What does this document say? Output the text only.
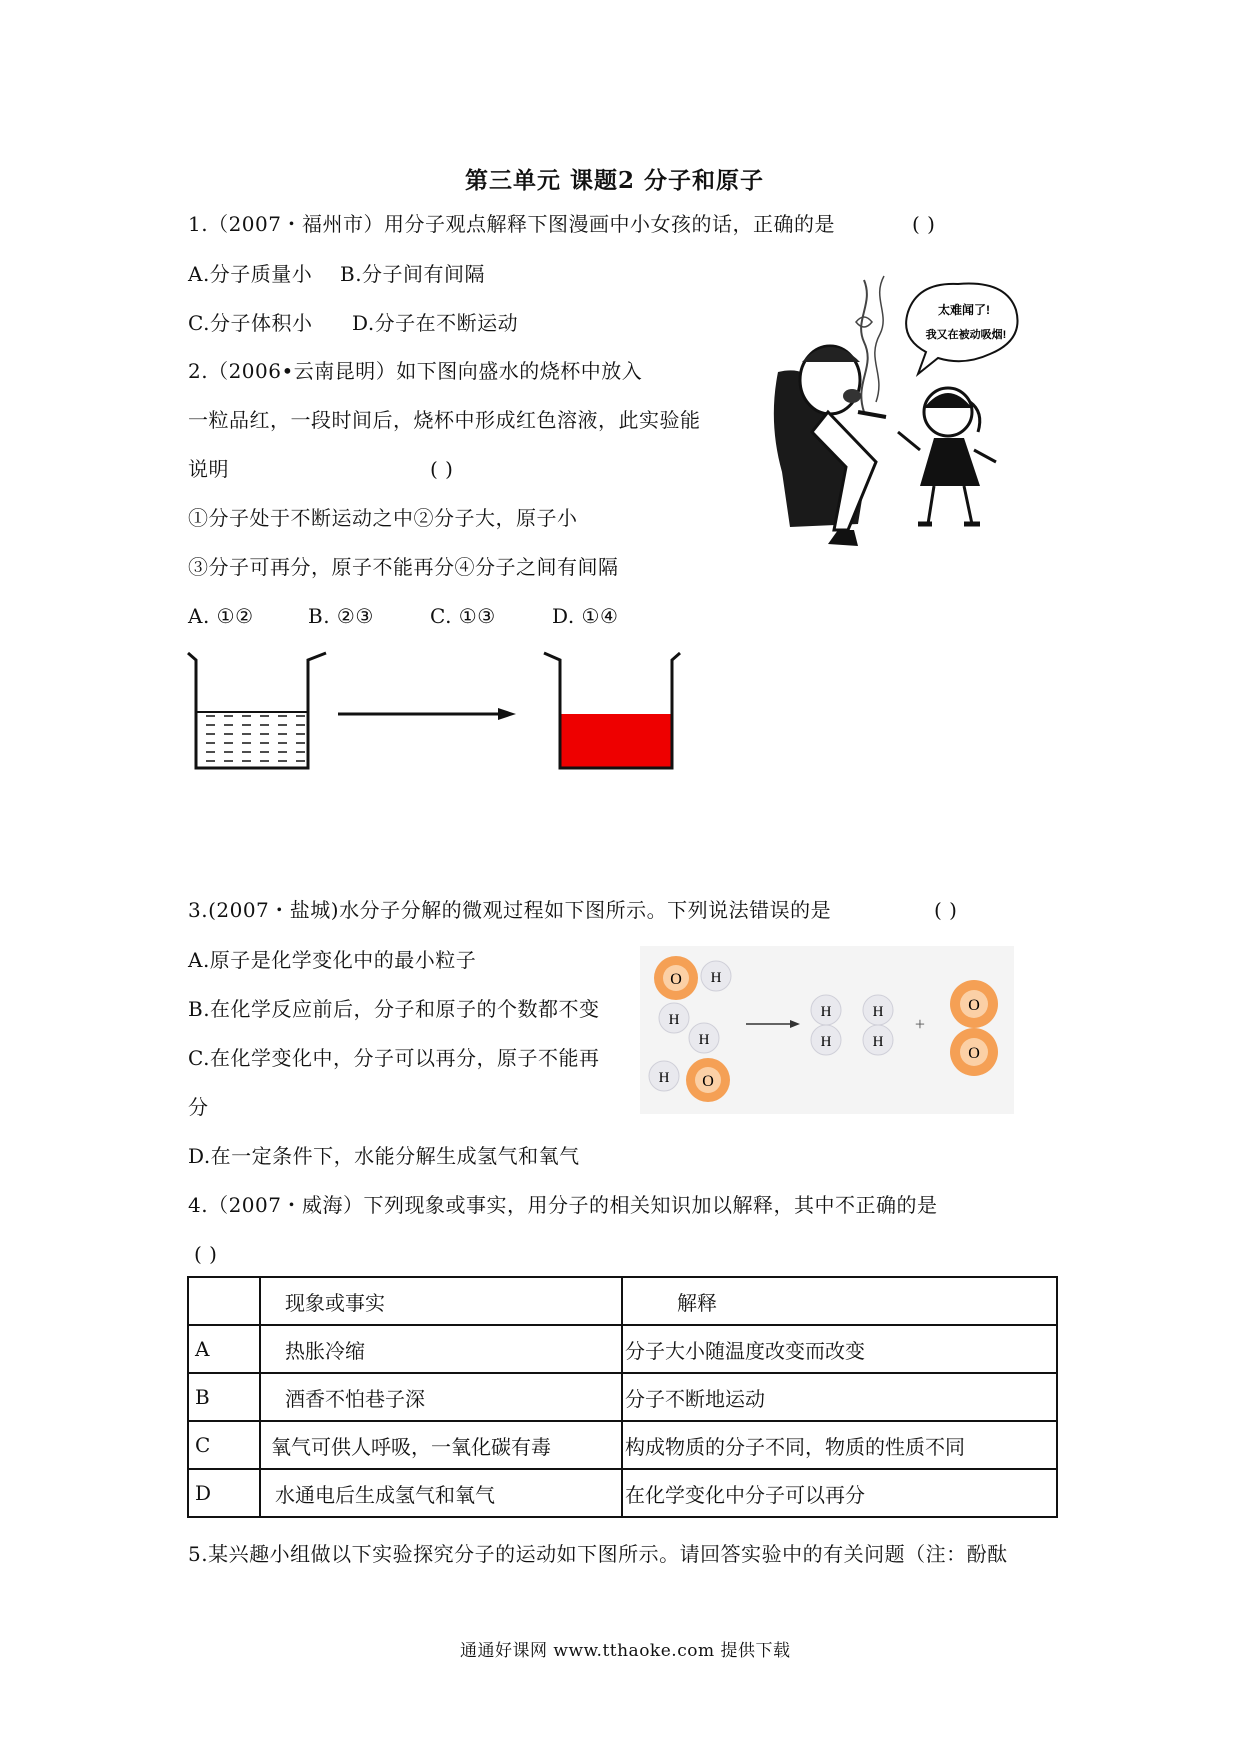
第三单元 课题2 分子和原子
1.（2007・福州市）用分子观点解释下图漫画中小女孩的话，正确的是	( )
A.分子质量小 B.分子间有间隔
C.分子体积小 D.分子在不断运动
太难闻了!
我又在被动吸烟!
2.（2006•云南昆明）如下图向盛水的烧杯中放入
一粒品红，一段时间后，烧杯中形成红色溶液，此实验能
说明	( )
①分子处于不断运动之中②分子大，原子小
③分子可再分，原子不能再分④分子之间有间隔
A. ①②	B. ②③	C. ①③	D. ①④
3.(2007・盐城)水分子分解的微观过程如下图所示。下列说法错误的是	( )
A.原子是化学变化中的最小粒子
B.在化学反应前后，分子和原子的个数都不变
C.在化学变化中，分子可以再分，原子不能再
分
D.在一定条件下，水能分解生成氢气和氧气
O H
H
H
O
H
H
H
H
H
+
O
O
4.（2007・威海）下列现象或事实，用分子的相关知识加以解释，其中不正确的是
( )
	现象或事实	解释
A	热胀冷缩	分子大小随温度改变而改变
B	酒香不怕巷子深	分子不断地运动
C	氧气可供人呼吸，一氧化碳有毒	构成物质的分子不同，物质的性质不同
D	水通电后生成氢气和氧气	在化学变化中分子可以再分
5.某兴趣小组做以下实验探究分子的运动如下图所示。请回答实验中的有关问题（注：酚酞
通通好课网 www.tthaoke.com 提供下载
